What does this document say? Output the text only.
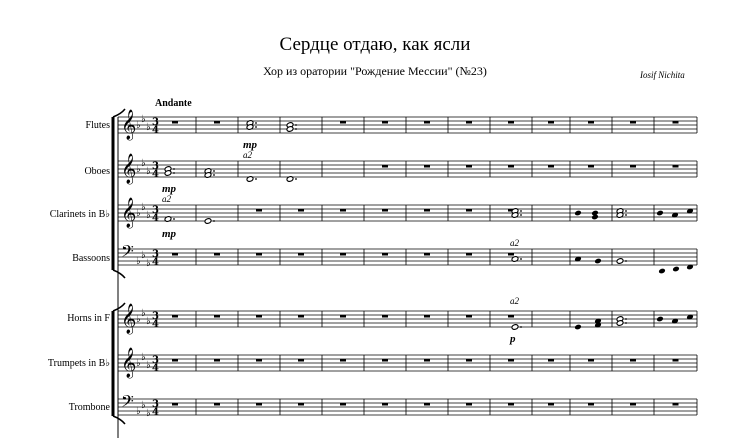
Сердце отдаю, как ясли
Хор из оратории "Рождение Мессии" (№23)	Iosif Nichita
Andante
Flutes
Oboes
Clarinets in B♭
Bassoons
Horns in F
Trumpets in B♭
Trombone
𝄞 ♭
♭
♭ 3
4
𝄞 ♭
♭
♭ 3
4
𝄞 ♭
♭
♭ 3
4
𝄢 ♭
♭
♭
3
4
𝄞 ♭
♭
♭ 3
4
𝄞 ♭
♭
♭ 3
4
𝄢 ♭
♭
♭
3
4
mp
a2
mp
a2
mp
a2
a2
p
